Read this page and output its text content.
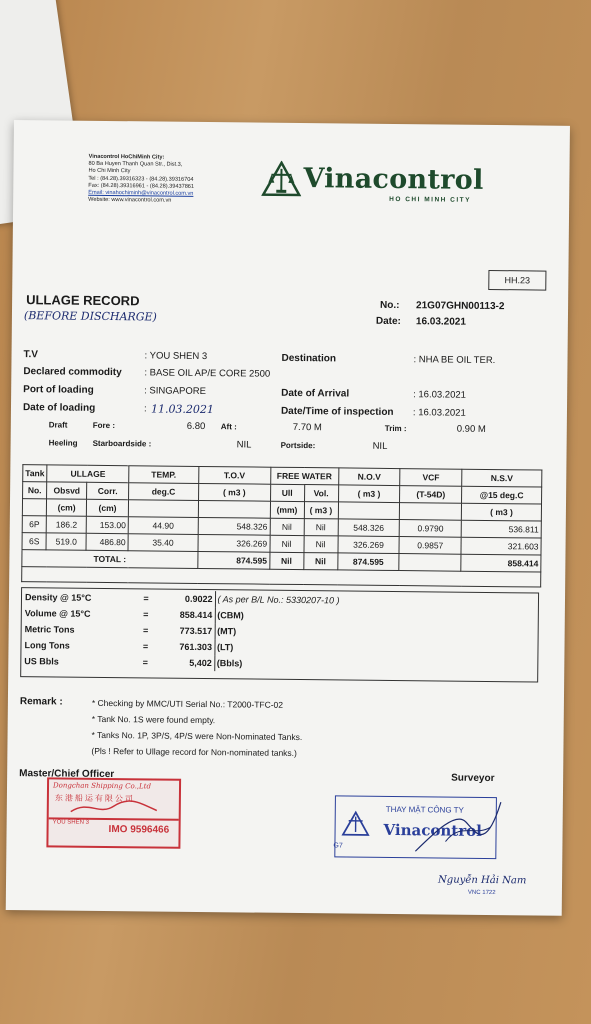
Vinacontrol HoChiMinh City:
80 Ba Huyen Thanh Quan Str., Dist.3,
Ho Chi Minh City
Tel : (84.28).39316323 - (84.28).39316704
Fax: (84.28).39316961 - (84.28).39437861
Email: vinahochiminh@vinacontrol.com.vn
Website: www.vinacontrol.com.vn
Vinacontrol
HO CHI MINH CITY
HH.23
ULLAGE RECORD
(BEFORE DISCHARGE)
No.: 21G07GHN00113-2
Date: 16.03.2021
T.V	: YOU SHEN 3	Destination	: NHA BE OIL TER.
Declared commodity : BASE OIL AP/E CORE 2500
Port of loading	: SINGAPORE	Date of Arrival	: 16.03.2021
Date of loading	: 11.03.2021	Date/Time of inspection : 16.03.2021
Draft	Fore :	6.80 Aft :	7.70 M	Trim :	0.90 M
Heeling Starboardside :	NIL	Portside:	NIL
Tank	ULLAGE		TEMP.	T.O.V	FREE WATER		N.O.V	VCF	N.S.V
No.	Obsvd	Corr.	deg.C	( m3 )	Ull	Vol.	( m3 )	(T-54D)	@15 deg.C
	(cm)	(cm)			(mm)	( m3 )			( m3 )
6P	186.2	153.00	44.90	548.326	Nil	Nil	548.326	0.9790	536.811
6S	519.0	486.80	35.40	326.269	Nil	Nil	326.269	0.9857	321.603
TOTAL :				874.595	Nil	Nil	874.595		858.414

Density @ 15°C	=	0.9022	( As per B/L No.: 5330207-10 )
Volume @ 15°C	=	858.414	(CBM)
Metric Tons	=	773.517	(MT)
Long Tons	=	761.303	(LT)
US Bbls	=	5,402	(Bbls)
Remark :	* Checking by MMC/UTI Serial No.: T2000-TFC-02
* Tank No. 1S were found empty.
* Tanks No. 1P, 3P/S, 4P/S were Non-Nominated Tanks.
(Pls ! Refer to Ullage record for Non-nominated tanks.)
Master/Chief Officer	Surveyor
Dongchan Shipping Co.,Ltd
东港船运有限公司
YOU SHEN 3
IMO 9596466
THAY MẶT CÔNG TY
Vinacontrol
G7
Nguyễn Hải Nam
VNC 1722
